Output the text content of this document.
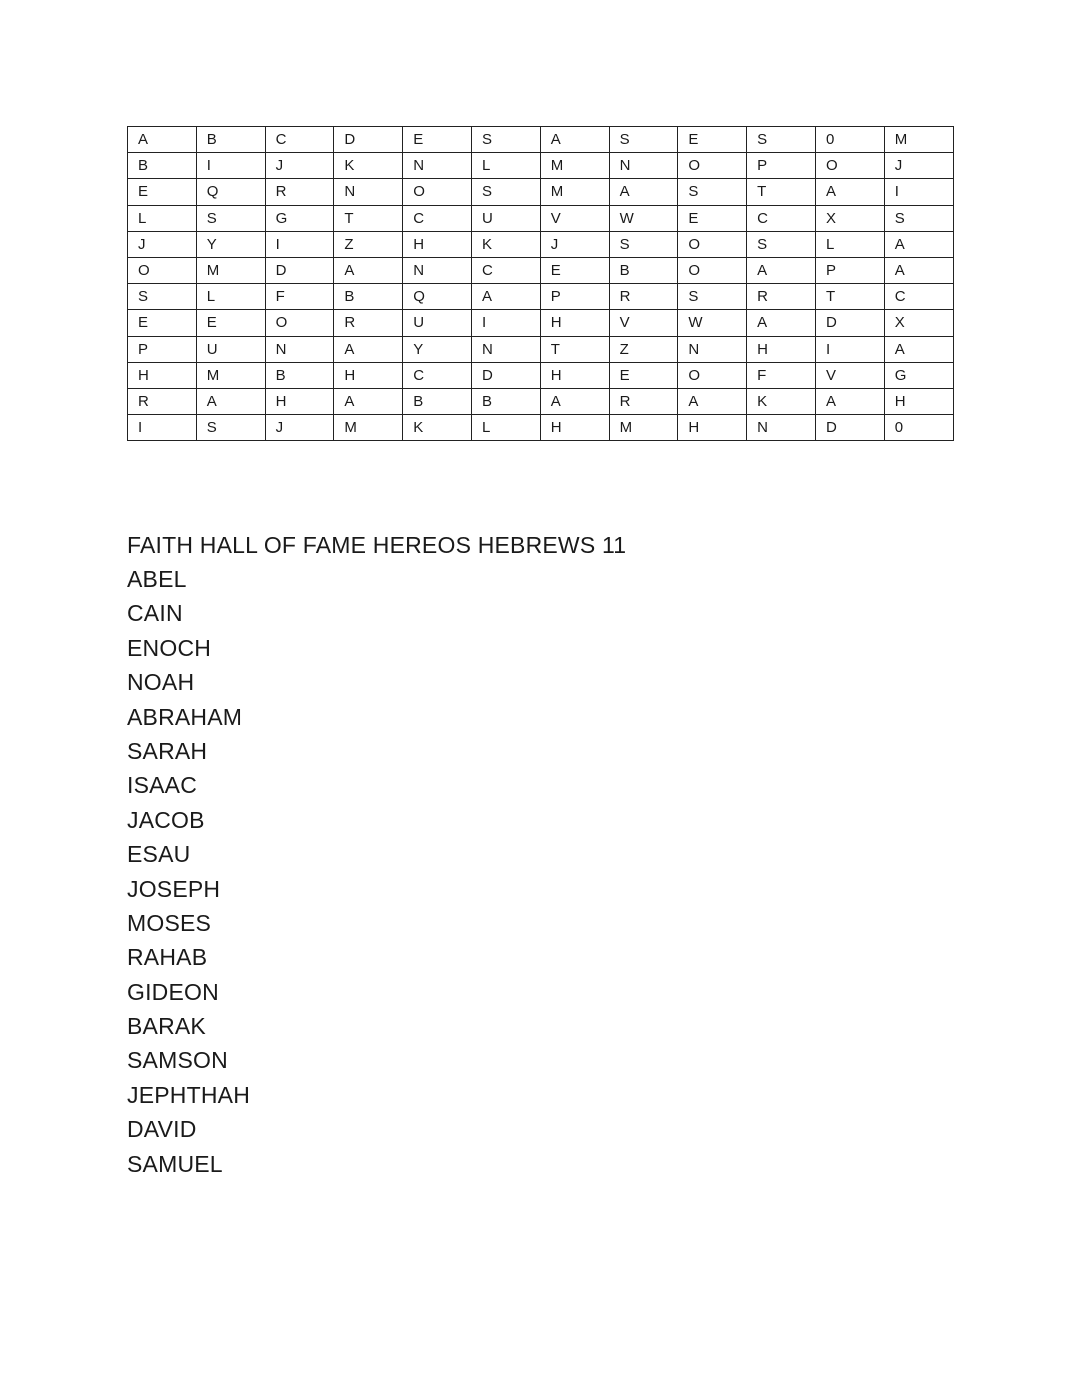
A	B	C	D	E	S	A	S	E	S	0	M
B	I	J	K	N	L	M	N	O	P	O	J
E	Q	R	N	O	S	M	A	S	T	A	I
L	S	G	T	C	U	V	W	E	C	X	S
J	Y	I	Z	H	K	J	S	O	S	L	A
O	M	D	A	N	C	E	B	O	A	P	A
S	L	F	B	Q	A	P	R	S	R	T	C
E	E	O	R	U	I	H	V	W	A	D	X
P	U	N	A	Y	N	T	Z	N	H	I	A
H	M	B	H	C	D	H	E	O	F	V	G
R	A	H	A	B	B	A	R	A	K	A	H
I	S	J	M	K	L	H	M	H	N	D	0
FAITH HALL OF FAME HEREOS HEBREWS 11
ABEL
CAIN
ENOCH
NOAH
ABRAHAM
SARAH
ISAAC
JACOB
ESAU
JOSEPH
MOSES
RAHAB
GIDEON
BARAK
SAMSON
JEPHTHAH
DAVID
SAMUEL
